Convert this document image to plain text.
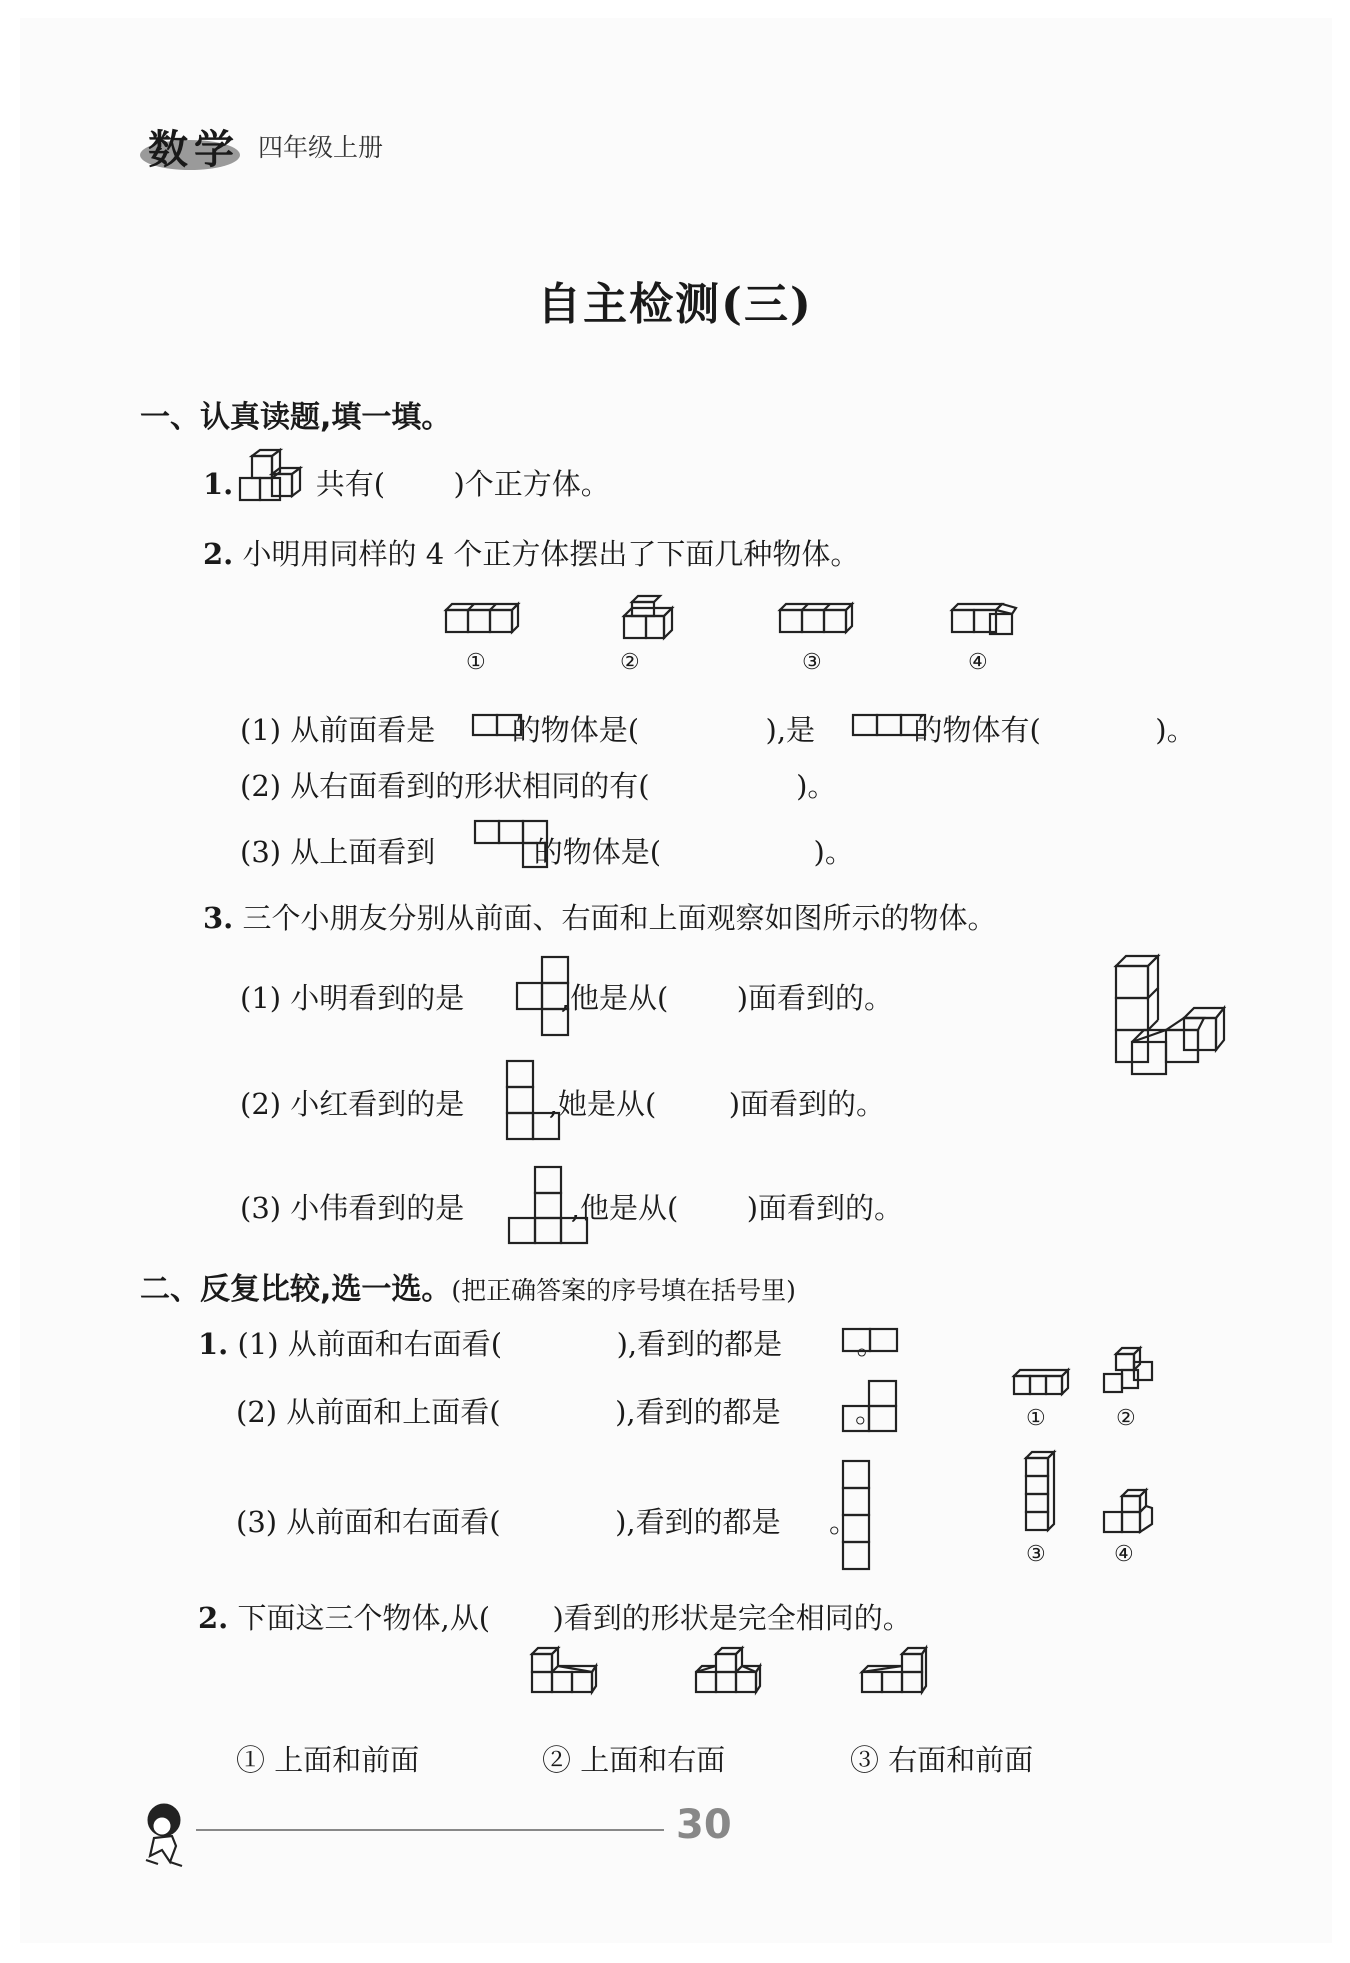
数学 四年级上册
自主检测(三)
一、认真读题,填一填。
1.	共有( )个正方体。
2. 小明用同样的 4 个正方体摆出了下面几种物体。
①	②	③	④
(1) 从前面看是	的物体是(	),是	的物体有(	)。
(2) 从右面看到的形状相同的有(	)。
(3) 从上面看到	的物体是(	)。
3. 三个小朋友分别从前面、右面和上面观察如图所示的物体。
(1) 小明看到的是	,他是从( )面看到的。
(2) 小红看到的是	,她是从( )面看到的。
(3) 小伟看到的是	,他是从( )面看到的。
二、反复比较,选一选。(把正确答案的序号填在括号里)
1. (1) 从前面和右面看(	),看到的都是	。
(2) 从前面和上面看(	),看到的都是	。
(3) 从前面和右面看(	),看到的都是 。
①	②
③	④
2. 下面这三个物体,从( )看到的形状是完全相同的。
① 上面和前面	② 上面和右面	③ 右面和前面
30
